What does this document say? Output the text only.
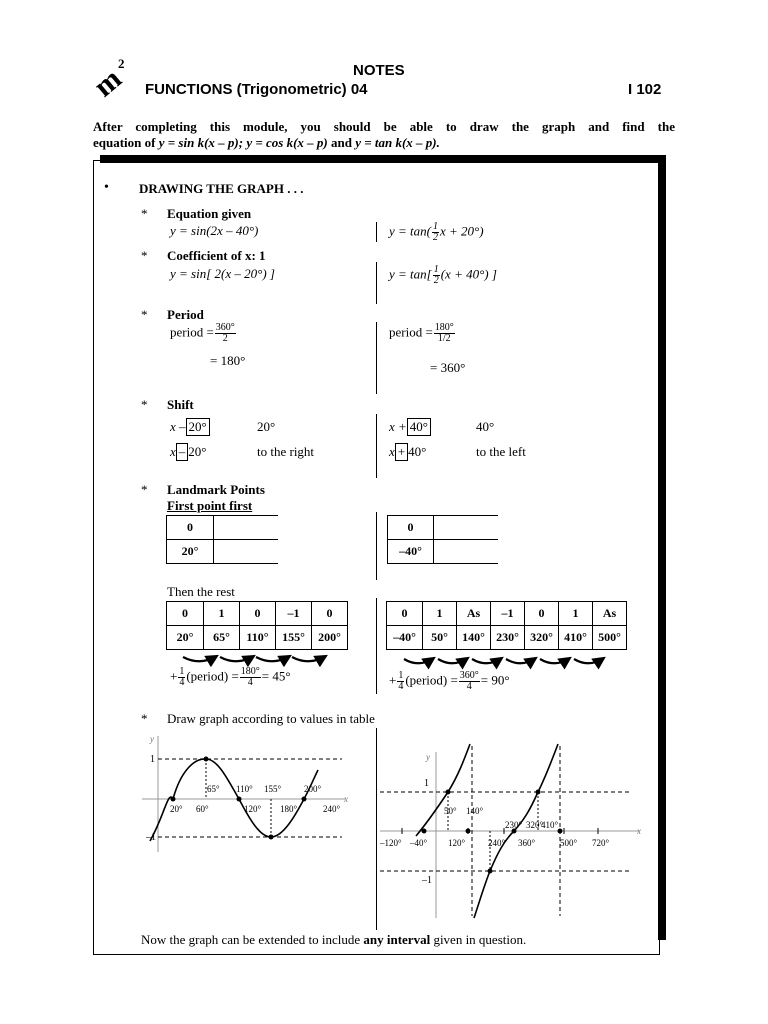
m
2	NOTES
FUNCTIONS (Trigonometric) 04	I 102
After completing this module, you should be able to draw the graph and find the
equation of y = sin k(x – p); y = cos k(x – p) and y = tan k(x – p).
• DRAWING THE GRAPH . . .
* Equation given
y = sin(2x – 40°)	$y = \tan( \frac{1}{2}$ x + 20°)
* Coefficient of x: 1
y = sin[ 2(x – 20°) ]	$y = \tan[ \frac{1}{2} (x + 40^\circ)$ ]
* Period
period = $\frac{360^\circ}{2}$
= 180°
period = $\frac{180^\circ}{1/2}$
= 360°
* Shift
x – 20°	20°
x – 20°	to the right
x + 40°	40°
x + 40°	to the left
* Landmark Points
First point first
0	
20°	
0	
–40°	
Then the rest
0	1	0	–1	0
20°	65°	110°	155°	200°
0	1	As	–1	0	1	As
–40°	50°	140°	230°	320°	410°	500°
+ $\frac{1}{4}$ (period) = $\frac{180^\circ}{4} = 45^\circ$	+ $\frac{1}{4}$ (period) = $\frac{360^\circ}{4} = 90^\circ$
* Draw graph according to values in table
y
x
1
–1
20° 60°	120° 180°	240°
65° 110° 155°	200°
y
x
1
–1
–120° –40° 120°	240° 360°	500° 720°
50° 140°
230° 320°
410°
Now the graph can be extended to include any interval given in question.
